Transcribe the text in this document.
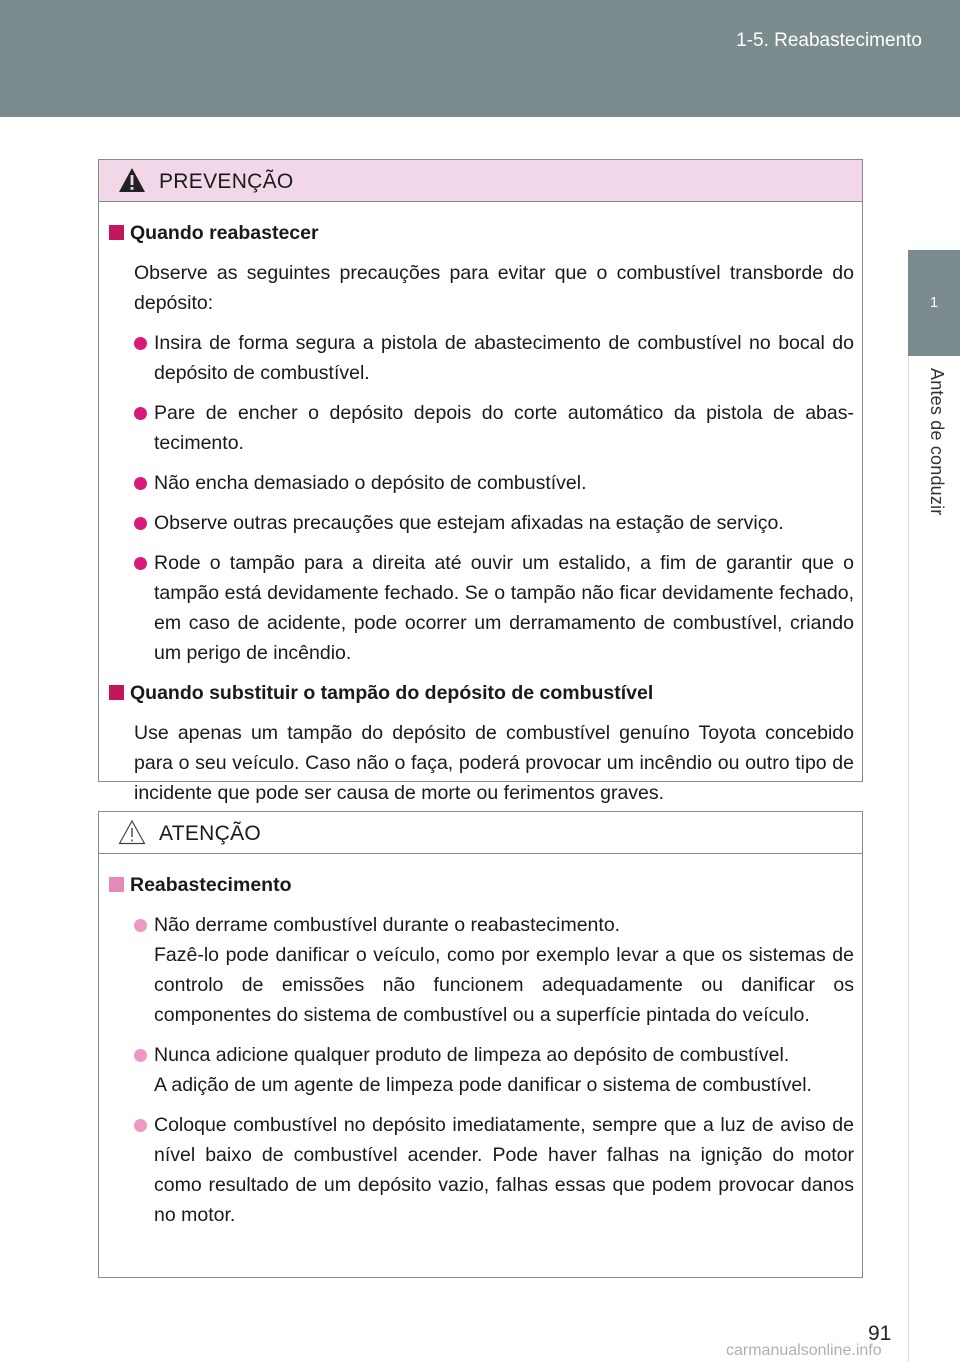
1-5. Reabastecimento
1
Antes de conduzir
PREVENÇÃO
Quando reabastecer
Observe as seguintes precauções para evitar que o combustível transborde do depósito:
Insira de forma segura a pistola de abastecimento de combustível no bocal do depósito de combustível.
Pare de encher o depósito depois do corte automático da pistola de abastecimento.
Não encha demasiado o depósito de combustível.
Observe outras precauções que estejam afixadas na estação de serviço.
Rode o tampão para a direita até ouvir um estalido, a fim de garantir que o tampão está devidamente fechado. Se o tampão não ficar devidamente fechado, em caso de acidente, pode ocorrer um derramamento de combustível, criando um perigo de incêndio.
Quando substituir o tampão do depósito de combustível
Use apenas um tampão do depósito de combustível genuíno Toyota concebido para o seu veículo. Caso não o faça, poderá provocar um incêndio ou outro tipo de incidente que pode ser causa de morte ou ferimentos graves.
ATENÇÃO
Reabastecimento
Não derrame combustível durante o reabastecimento.
Fazê-lo pode danificar o veículo, como por exemplo levar a que os sistemas de controlo de emissões não funcionem adequadamente ou danificar os componentes do sistema de combustível ou a superfície pintada do veículo.
Nunca adicione qualquer produto de limpeza ao depósito de combustível.
A adição de um agente de limpeza pode danificar o sistema de combustível.
Coloque combustível no depósito imediatamente, sempre que a luz de aviso de nível baixo de combustível acender. Pode haver falhas na ignição do motor como resultado de um depósito vazio, falhas essas que podem provocar danos no motor.
91
carmanualsonline.info
